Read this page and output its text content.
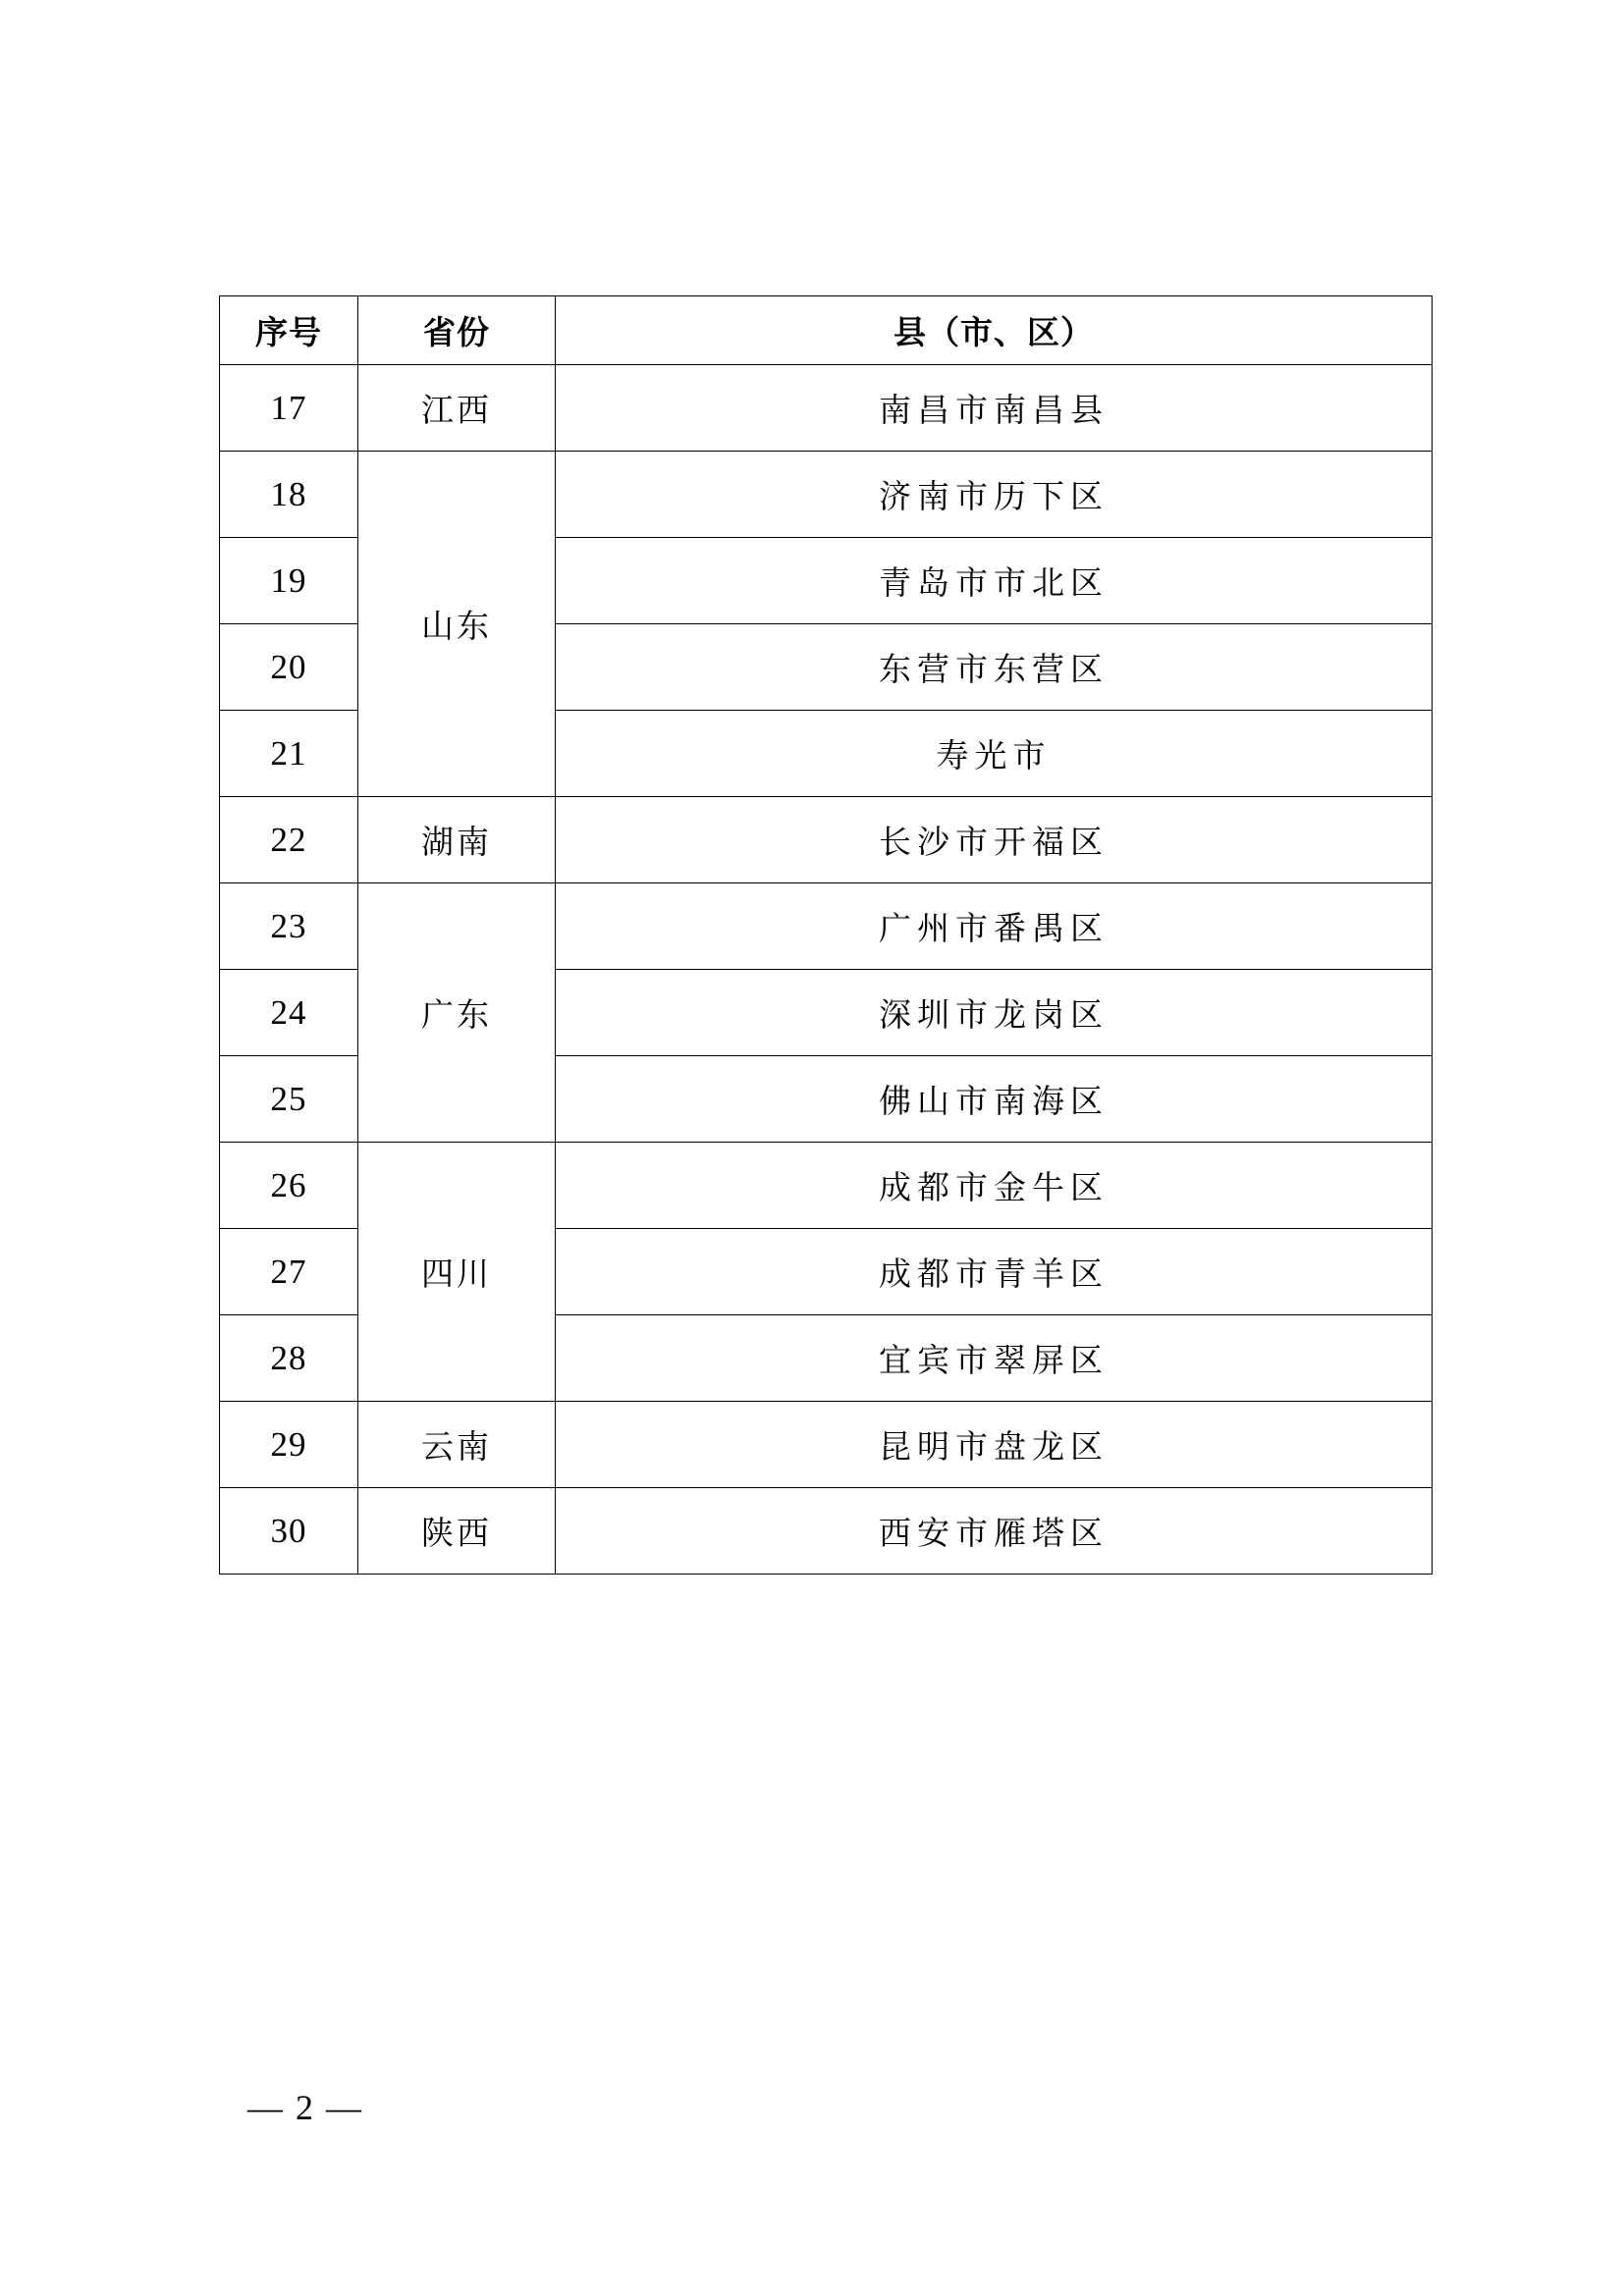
序号	省份	县（市、区）
17	江西	南昌市南昌县
18	山东	济南市历下区
19		青岛市市北区
20		东营市东营区
21		寿光市
22	湖南	长沙市开福区
23	广东	广州市番禺区
24		深圳市龙岗区
25		佛山市南海区
26	四川	成都市金牛区
27		成都市青羊区
28		宜宾市翠屏区
29	云南	昆明市盘龙区
30	陕西	西安市雁塔区
— 2 —
